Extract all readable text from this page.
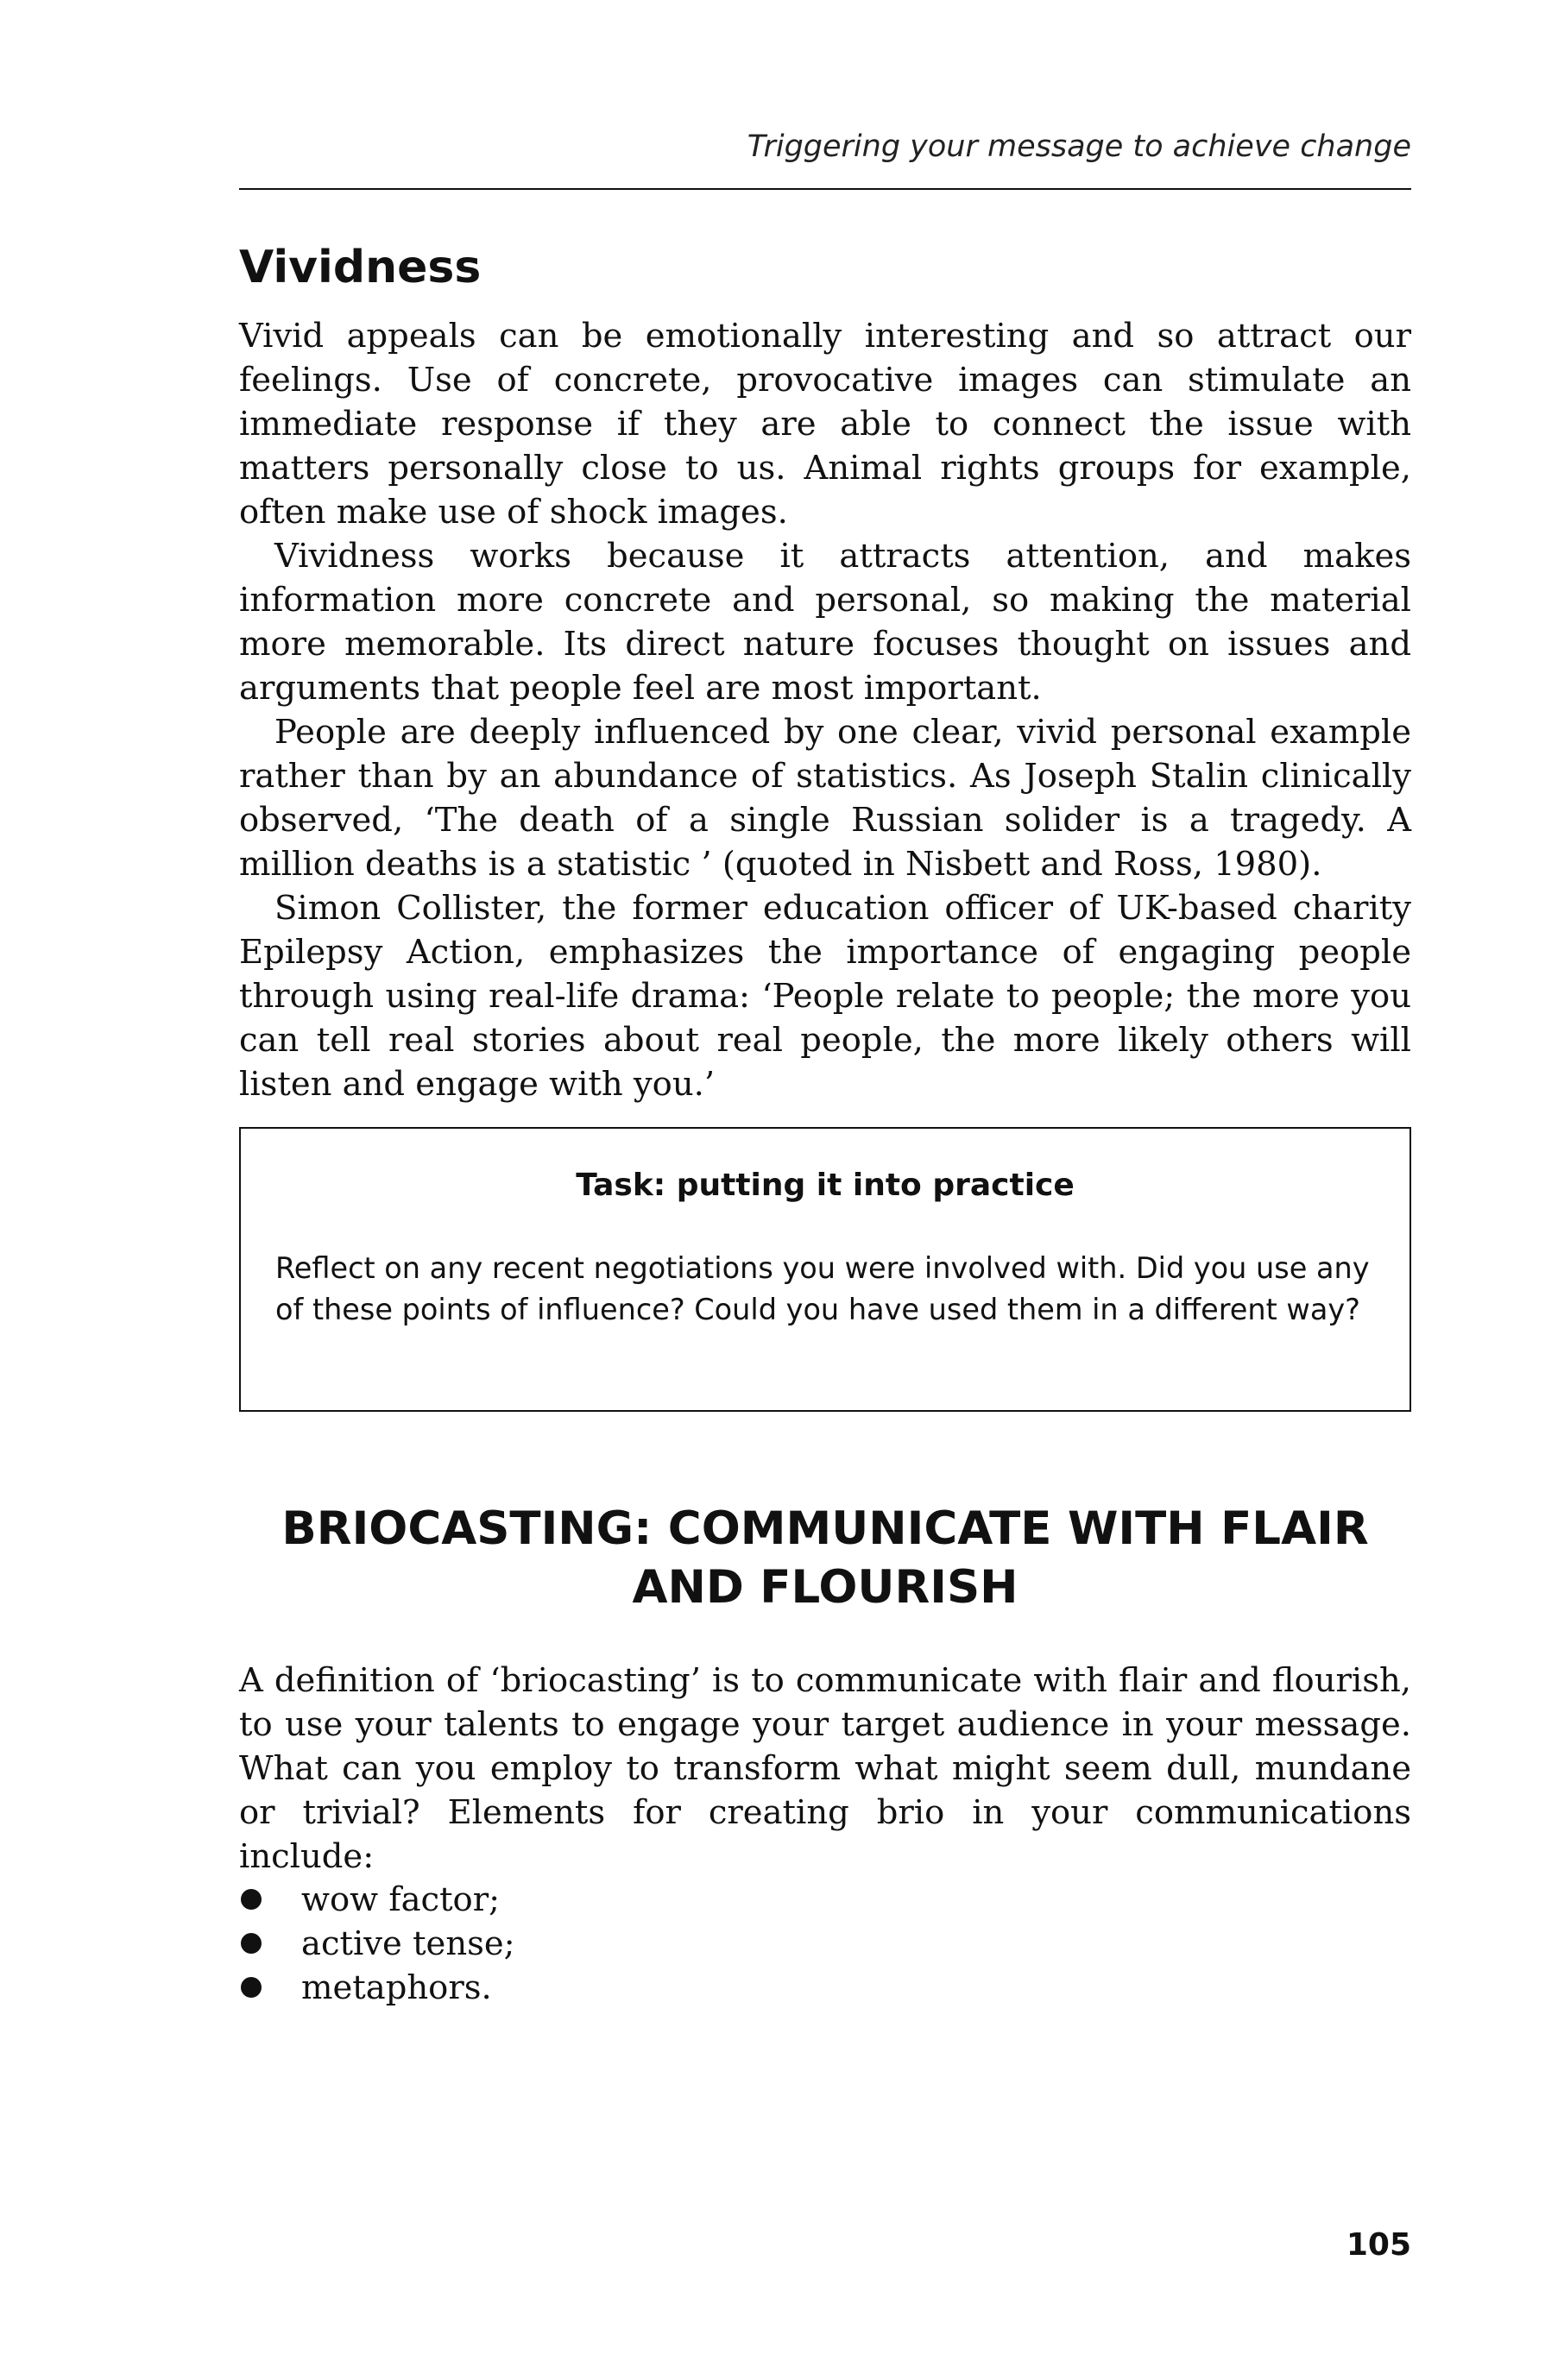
Triggering your message to achieve change
Vividness

Vivid appeals can be emotionally interesting and so attract our feelings. Use of concrete, provocative images can stimulate an immediate response if they are able to connect the issue with matters personally close to us. Animal rights groups for example, often make use of shock images.

Vividness works because it attracts attention, and makes information more concrete and personal, so making the material more memorable. Its direct nature focuses thought on issues and arguments that people feel are most important.

People are deeply influenced by one clear, vivid personal example rather than by an abundance of statistics. As Joseph Stalin clinically observed, ‘The death of a single Russian solider is a tragedy. A million deaths is a statistic ’ (quoted in Nisbett and Ross, 1980).

Simon Collister, the former education officer of UK-based charity Epilepsy Action, emphasizes the importance of engaging people through using real-life drama: ‘People relate to people; the more you can tell real stories about real people, the more likely others will listen and engage with you.’

Task: putting it into practice

Reflect on any recent negotiations you were involved with. Did you use any of these points of influence? Could you have used them in a different way?

BRIOCASTING: COMMUNICATE WITH FLAIR AND FLOURISH

A definition of ‘briocasting’ is to communicate with flair and flourish, to use your talents to engage your target audience in your message. What can you employ to transform what might seem dull, mundane or trivial? Elements for creating brio in your communications include:

wow factor;
active tense;
metaphors.
105
